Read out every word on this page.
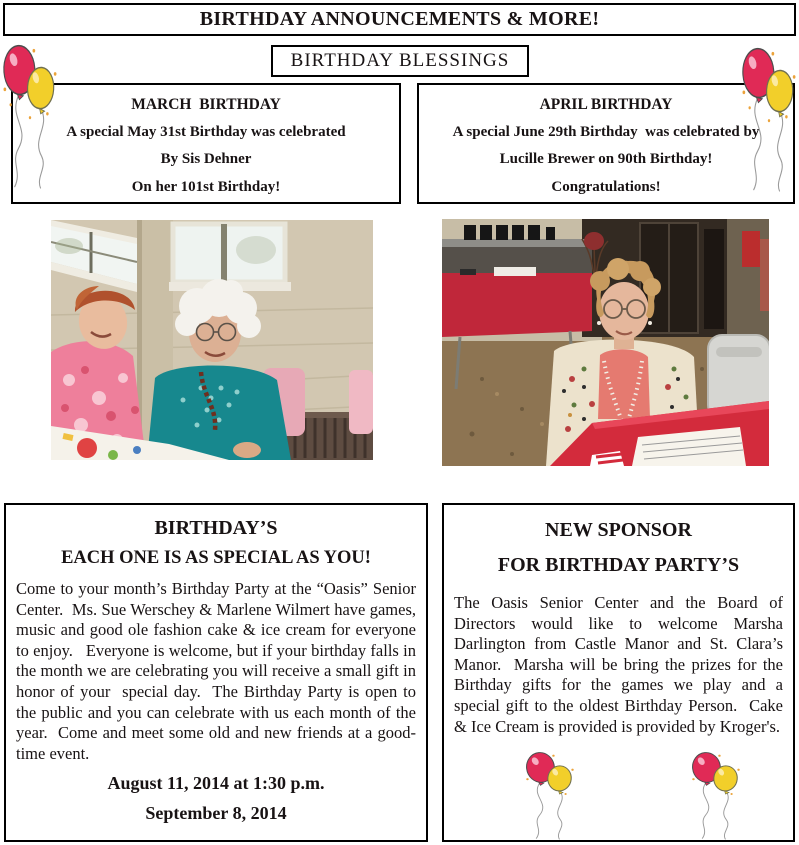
BIRTHDAY ANNOUNCEMENTS & MORE!
BIRTHDAY BLESSINGS
MARCH  BIRTHDAY
A special May 31st Birthday was celebrated
By Sis Dehner
On her 101st Birthday!
APRIL BIRTHDAY
A special June 29th Birthday  was celebrated by
Lucille Brewer on 90th Birthday!
Congratulations!
BIRTHDAY’S
EACH ONE IS AS SPECIAL AS YOU!
Come to your month’s Birthday Party at the “Oasis” Senior Center.  Ms. Sue Werschey & Marlene Wilmert have games,  music and good ole fashion cake & ice cream for everyone to enjoy.   Everyone is welcome, but if your birthday falls in the month we are celebrating you will receive a small gift in honor of your  special day.  The Birthday Party is open to the public and you can celebrate with us each month of the year.  Come and meet some old and new friends at a good-time event.
August 11, 2014 at 1:30 p.m.
September 8, 2014
NEW SPONSOR
FOR BIRTHDAY PARTY’S
The Oasis Senior Center and the Board of Directors would like to welcome Marsha Darlington from Castle Manor and St. Clara’s Manor.  Marsha will be bring the prizes for the Birthday gifts for the games we play and a special gift to the oldest Birthday Person.  Cake & Ice Cream is provided is provided by Kroger's.
